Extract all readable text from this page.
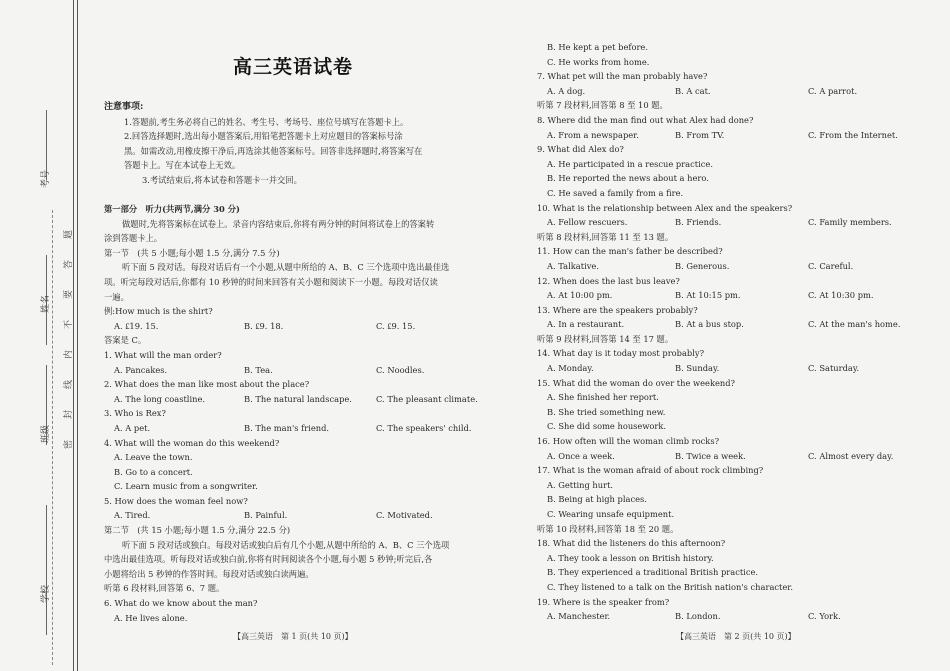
考号
姓名
班级
学校
题
答
要
不
内
线
封
密
高三英语试卷

注意事项:

1.答题前,考生务必将自己的姓名、考生号、考场号、座位号填写在答题卡上。

2.回答选择题时,选出每小题答案后,用铅笔把答题卡上对应题目的答案标号涂

黑。如需改动,用橡皮擦干净后,再选涂其他答案标号。回答非选择题时,将答案写在

答题卡上。写在本试卷上无效。

3.考试结束后,将本试卷和答题卡一并交回。

第一部分　听力(共两节,满分 30 分)

做题时,先将答案标在试卷上。录音内容结束后,你将有两分钟的时间将试卷上的答案转

涂到答题卡上。

第一节　(共 5 小题;每小题 1.5 分,满分 7.5 分)

听下面 5 段对话。每段对话后有一个小题,从题中所给的 A、B、C 三个选项中选出最佳选

项。听完每段对话后,你都有 10 秒钟的时间来回答有关小题和阅读下一小题。每段对话仅读

一遍。

例:How much is the shirt?

A. ₤19. 15.	B. ₤9. 18.	C. ₤9. 15.

答案是 C。

1. What will the man order?

A. Pancakes.	B. Tea.	C. Noodles.

2. What does the man like most about the place?

A. The long coastline.	B. The natural landscape.	C. The pleasant climate.

3. Who is Rex?

A. A pet.	B. The man's friend.	C. The speakers' child.

4. What will the woman do this weekend?

A. Leave the town.

B. Go to a concert.

C. Learn music from a songwriter.

5. How does the woman feel now?

A. Tired.	B. Painful.	C. Motivated.

第二节　(共 15 小题;每小题 1.5 分,满分 22.5 分)

听下面 5 段对话或独白。每段对话或独白后有几个小题,从题中所给的 A、B、C 三个选项

中选出最佳选项。听每段对话或独白前,你将有时间阅读各个小题,每小题 5 秒钟;听完后,各

小题将给出 5 秒钟的作答时间。每段对话或独白读两遍。

听第 6 段材料,回答第 6、7 题。

6. What do we know about the man?

A. He lives alone.

【高三英语　第 1 页(共 10 页)】

B. He kept a pet before.

C. He works from home.

7. What pet will the man probably have?

A. A dog.	B. A cat.	C. A parrot.

听第 7 段材料,回答第 8 至 10 题。

8. Where did the man find out what Alex had done?

A. From a newspaper.	B. From TV.	C. From the Internet.

9. What did Alex do?

A. He participated in a rescue practice.

B. He reported the news about a hero.

C. He saved a family from a fire.

10. What is the relationship between Alex and the speakers?

A. Fellow rescuers.	B. Friends.	C. Family members.

听第 8 段材料,回答第 11 至 13 题。

11. How can the man's father be described?

A. Talkative.	B. Generous.	C. Careful.

12. When does the last bus leave?

A. At 10:00 pm.	B. At 10:15 pm.	C. At 10:30 pm.

13. Where are the speakers probably?

A. In a restaurant.	B. At a bus stop.	C. At the man's home.

听第 9 段材料,回答第 14 至 17 题。

14. What day is it today most probably?

A. Monday.	B. Sunday.	C. Saturday.

15. What did the woman do over the weekend?

A. She finished her report.

B. She tried something new.

C. She did some housework.

16. How often will the woman climb rocks?

A. Once a week.	B. Twice a week.	C. Almost every day.

17. What is the woman afraid of about rock climbing?

A. Getting hurt.

B. Being at high places.

C. Wearing unsafe equipment.

听第 10 段材料,回答第 18 至 20 题。

18. What did the listeners do this afternoon?

A. They took a lesson on British history.

B. They experienced a traditional British practice.

C. They listened to a talk on the British nation's character.

19. Where is the speaker from?

A. Manchester.	B. London.	C. York.
【高三英语　第 2 页(共 10 页)】
